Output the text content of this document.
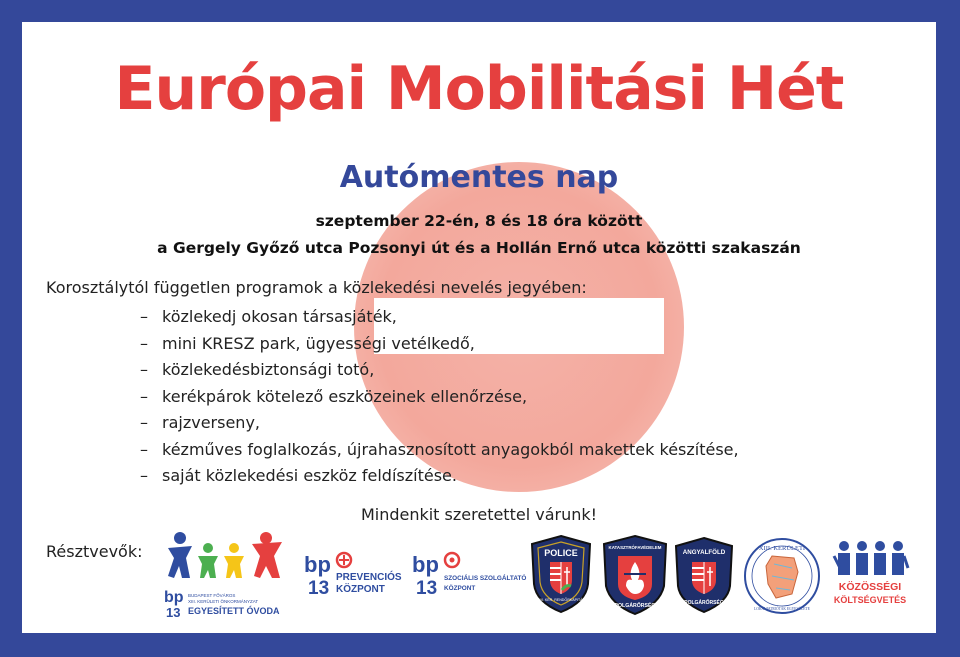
Európai Mobilitási Hét
Autómentes nap
szeptember 22-én, 8 és 18 óra között
a Gergely Győző utca Pozsonyi út és a Hollán Ernő utca közötti szakaszán
Korosztálytól független programok a közlekedési nevelés jegyében:
– közlekedj okosan társasjáték,
– mini KRESZ park, ügyességi vetélkedő,
– közlekedésbiztonsági totó,
– kerékpárok kötelező eszközeinek ellenőrzése,
– rajzverseny,
– kézműves foglalkozás, újrahasznosított anyagokból makettek készítése,
– saját közlekedési eszköz feldíszítése.
Mindenkit szeretettel várunk!
Résztvevők:
bp
13
BUDAPEST FŐVÁROS
XIII. KERÜLETI ÖNKORMÁNYZAT
EGYESÍTETT ÓVODA
bp
13
PREVENCIÓS
KÖZPONT
bp
13 SZOCIÁLIS SZOLGÁLTATÓ
KÖZPONT
POLICE
BRFK XIII. KER. RENDŐRKAPITÁNYSÁG
KATASZTRÓFAVÉDELEM
POLGÁRŐRSÉG
ANGYALFÖLD
POLGÁRŐRSÉG
XIII. KERÜLETI
LOKÁLPATRIÓTÁK EGYESÜLETE
KÖZÖSSÉGI
KÖLTSÉGVETÉS
